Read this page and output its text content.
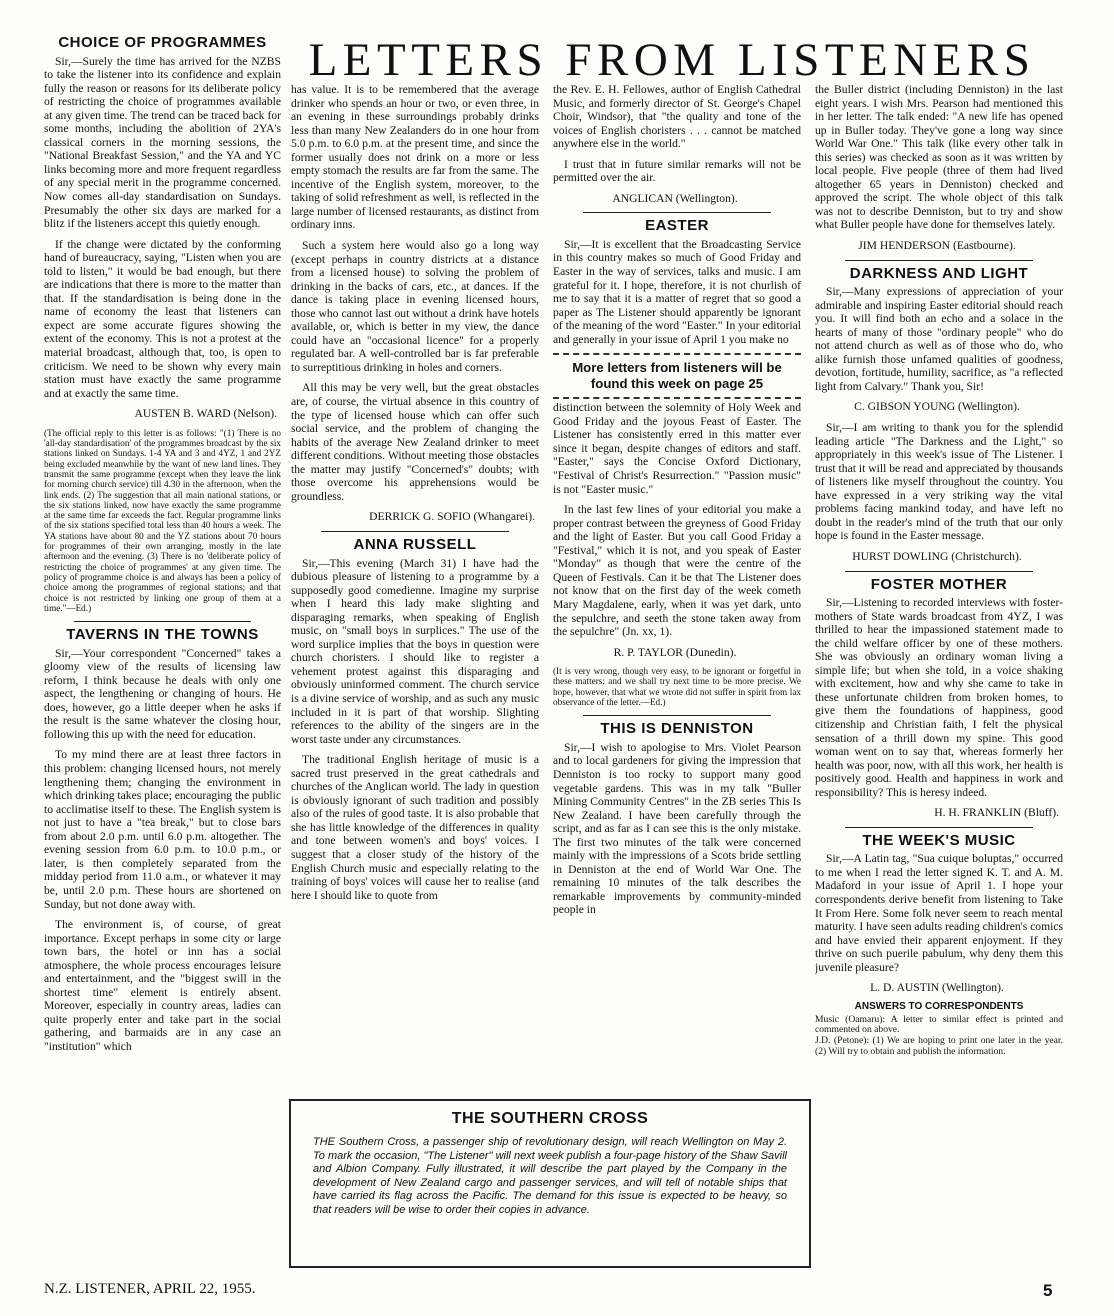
LETTERS FROM LISTENERS
CHOICE OF PROGRAMMES

Sir,—Surely the time has arrived for the NZBS to take the listener into its confidence and explain fully the reason or reasons for its deliberate policy of restricting the choice of programmes available at any given time. The trend can be traced back for some months, including the abolition of 2YA's classical corners in the morning sessions, the "National Breakfast Session," and the YA and YC links becoming more and more frequent regardless of any special merit in the programme concerned. Now comes all-day standardisation on Sundays. Presumably the other six days are marked for a blitz if the listeners accept this quietly enough.

If the change were dictated by the conforming hand of bureaucracy, saying, "Listen when you are told to listen," it would be bad enough, but there are indications that there is more to the matter than that. If the standardisation is being done in the name of economy the least that listeners can expect are some accurate figures showing the extent of the economy. This is not a protest at the material broadcast, although that, too, is open to criticism. We need to be shown why every main station must have exactly the same programme and at exactly the same time.

AUSTEN B. WARD (Nelson).
(The official reply to this letter is as follows: "(1) There is no 'all-day standardisation' of the programmes broadcast by the six stations linked on Sundays. 1-4 YA and 3 and 4YZ, 1 and 2YZ being excluded meanwhile by the want of new land lines. They transmit the same programme (except when they leave the link for morning church service) till 4.30 in the afternoon, when the link ends. (2) The suggestion that all main national stations, or the six stations linked, now have exactly the same programme at the same time far exceeds the fact. Regular programme links of the six stations specified total less than 40 hours a week. The YA stations have about 80 and the YZ stations about 70 hours for programmes of their own arranging, mostly in the late afternoon and the evening. (3) There is no 'deliberate policy of restricting the choice of programmes' at any given time. The policy of programme choice is and always has been a policy of choice among the programmes of regional stations; and that choice is not restricted by linking one group of them at a time."—Ed.)
TAVERNS IN THE TOWNS

Sir,—Your correspondent "Concerned" takes a gloomy view of the results of licensing law reform, I think because he deals with only one aspect, the lengthening or changing of hours. He does, however, go a little deeper when he asks if the result is the same whatever the closing hour, following this up with the need for education.

To my mind there are at least three factors in this problem: changing licensed hours, not merely lengthening them; changing the environment in which drinking takes place; encouraging the public to acclimatise itself to these. The English system is not just to have a "tea break," but to close bars from about 2.0 p.m. until 6.0 p.m. altogether. The evening session from 6.0 p.m. to 10.0 p.m., or later, is then completely separated from the midday period from 11.0 a.m., or whatever it may be, until 2.0 p.m. These hours are shortened on Sunday, but not done away with.

The environment is, of course, of great importance. Except perhaps in some city or large town bars, the hotel or inn has a social atmosphere, the whole process encourages leisure and entertainment, and the "biggest swill in the shortest time" element is entirely absent. Moreover, especially in country areas, ladies can quite properly enter and take part in the social gathering, and barmaids are in any case an "institution" which

has value. It is to be remembered that the average drinker who spends an hour or two, or even three, in an evening in these surroundings probably drinks less than many New Zealanders do in one hour from 5.0 p.m. to 6.0 p.m. at the present time, and since the former usually does not drink on a more or less empty stomach the results are far from the same. The incentive of the English system, moreover, to the taking of solid refreshment as well, is reflected in the large number of licensed restaurants, as distinct from ordinary inns.

Such a system here would also go a long way (except perhaps in country districts at a distance from a licensed house) to solving the problem of drinking in the backs of cars, etc., at dances. If the dance is taking place in evening licensed hours, those who cannot last out without a drink have hotels available, or, which is better in my view, the dance could have an "occasional licence" for a properly regulated bar. A well-controlled bar is far preferable to surreptitious drinking in holes and corners.

All this may be very well, but the great obstacles are, of course, the virtual absence in this country of the type of licensed house which can offer such social service, and the problem of changing the habits of the average New Zealand drinker to meet different conditions. Without meeting those obstacles the matter may justify "Concerned's" doubts; with those overcome his apprehensions would be groundless.

DERRICK G. SOFIO (Whangarei).
ANNA RUSSELL

Sir,—This evening (March 31) I have had the dubious pleasure of listening to a programme by a supposedly good comedienne. Imagine my surprise when I heard this lady make slighting and disparaging remarks, when speaking of English music, on "small boys in surplices." The use of the word surplice implies that the boys in question were church choristers. I should like to register a vehement protest against this disparaging and obviously uninformed comment. The church service is a divine service of worship, and as such any music included in it is part of that worship. Slighting references to the ability of the singers are in the worst taste under any circumstances.

The traditional English heritage of music is a sacred trust preserved in the great cathedrals and churches of the Anglican world. The lady in question is obviously ignorant of such tradition and possibly also of the rules of good taste. It is also probable that she has little knowledge of the differences in quality and tone between women's and boys' voices. I suggest that a closer study of the history of the English Church music and especially relating to the training of boys' voices will cause her to realise (and here I should like to quote from

the Rev. E. H. Fellowes, author of English Cathedral Music, and formerly director of St. George's Chapel Choir, Windsor), that "the quality and tone of the voices of English choristers . . . cannot be matched anywhere else in the world."

I trust that in future similar remarks will not be permitted over the air.

ANGLICAN (Wellington).
EASTER

Sir,—It is excellent that the Broadcasting Service in this country makes so much of Good Friday and Easter in the way of services, talks and music. I am grateful for it. I hope, therefore, it is not churlish of me to say that it is a matter of regret that so good a paper as The Listener should apparently be ignorant of the meaning of the word "Easter." In your editorial and generally in your issue of April 1 you make no

More letters from listeners will be found this week on page 25

distinction between the solemnity of Holy Week and Good Friday and the joyous Feast of Easter. The Listener has consistently erred in this matter ever since it began, despite changes of editors and staff. "Easter," says the Concise Oxford Dictionary, "Festival of Christ's Resurrection." "Passion music" is not "Easter music."

In the last few lines of your editorial you make a proper contrast between the greyness of Good Friday and the light of Easter. But you call Good Friday a "Festival," which it is not, and you speak of Easter "Monday" as though that were the centre of the Queen of Festivals. Can it be that The Listener does not know that on the first day of the week cometh Mary Magdalene, early, when it was yet dark, unto the sepulchre, and seeth the stone taken away from the sepulchre" (Jn. xx, 1).

R. P. TAYLOR (Dunedin).
(It is very wrong, though very easy, to be ignorant or forgetful in these matters; and we shall try next time to be more precise. We hope, however, that what we wrote did not suffer in spirit from lax observance of the letter.—Ed.)
THIS IS DENNISTON

Sir,—I wish to apologise to Mrs. Violet Pearson and to local gardeners for giving the impression that Denniston is too rocky to support many good vegetable gardens. This was in my talk "Buller Mining Community Centres" in the ZB series This Is New Zealand. I have been carefully through the script, and as far as I can see this is the only mistake. The first two minutes of the talk were concerned mainly with the impressions of a Scots bride settling in Denniston at the end of World War One. The remaining 10 minutes of the talk describes the remarkable improvements by community-minded people in

the Buller district (including Denniston) in the last eight years. I wish Mrs. Pearson had mentioned this in her letter. The talk ended: "A new life has opened up in Buller today. They've gone a long way since World War One." This talk (like every other talk in this series) was checked as soon as it was written by local people. Five people (three of them had lived altogether 65 years in Denniston) checked and approved the script. The whole object of this talk was not to describe Denniston, but to try and show what Buller people have done for themselves lately.

JIM HENDERSON (Eastbourne).
DARKNESS AND LIGHT

Sir,—Many expressions of appreciation of your admirable and inspiring Easter editorial should reach you. It will find both an echo and a solace in the hearts of many of those "ordinary people" who do not attend church as well as of those who do, who alike furnish those unfamed qualities of goodness, devotion, fortitude, humility, sacrifice, as "a reflected light from Calvary." Thank you, Sir!

C. GIBSON YOUNG (Wellington).

Sir,—I am writing to thank you for the splendid leading article "The Darkness and the Light," so appropriately in this week's issue of The Listener. I trust that it will be read and appreciated by thousands of listeners like myself throughout the country. You have expressed in a very striking way the vital problems facing mankind today, and have left no doubt in the reader's mind of the truth that our only hope is found in the Easter message.

HURST DOWLING (Christchurch).
FOSTER MOTHER

Sir,—Listening to recorded interviews with foster-mothers of State wards broadcast from 4YZ, I was thrilled to hear the impassioned statement made to the child welfare officer by one of these mothers. She was obviously an ordinary woman living a simple life; but when she told, in a voice shaking with excitement, how and why she came to take in these unfortunate children from broken homes, to give them the foundations of happiness, good citizenship and Christian faith, I felt the physical sensation of a thrill down my spine. This good woman went on to say that, whereas formerly her health was poor, now, with all this work, her health is positively good. Health and happiness in work and responsibility? This is heresy indeed.

H. H. FRANKLIN (Bluff).
THE WEEK'S MUSIC

Sir,—A Latin tag, "Sua cuique boluptas," occurred to me when I read the letter signed K. T. and A. M. Madaford in your issue of April 1. I hope your correspondents derive benefit from listening to Take It From Here. Some folk never seem to reach mental maturity. I have seen adults reading children's comics and have envied their apparent enjoyment. If they thrive on such puerile pabulum, why deny them this juvenile pleasure?

L. D. AUSTIN (Wellington).
ANSWERS TO CORRESPONDENTS
Music (Oamaru): A letter to similar effect is printed and commented on above.
J.D. (Petone): (1) We are hoping to print one later in the year. (2) Will try to obtain and publish the information.
THE SOUTHERN CROSS
THE Southern Cross, a passenger ship of revolutionary design, will reach Wellington on May 2. To mark the occasion, "The Listener" will next week publish a four-page history of the Shaw Savill and Albion Company. Fully illustrated, it will describe the part played by the Company in the development of New Zealand cargo and passenger services, and will tell of notable ships that have carried its flag across the Pacific. The demand for this issue is expected to be heavy, so that readers will be wise to order their copies in advance.
N.Z. LISTENER, APRIL 22, 1955.	5
